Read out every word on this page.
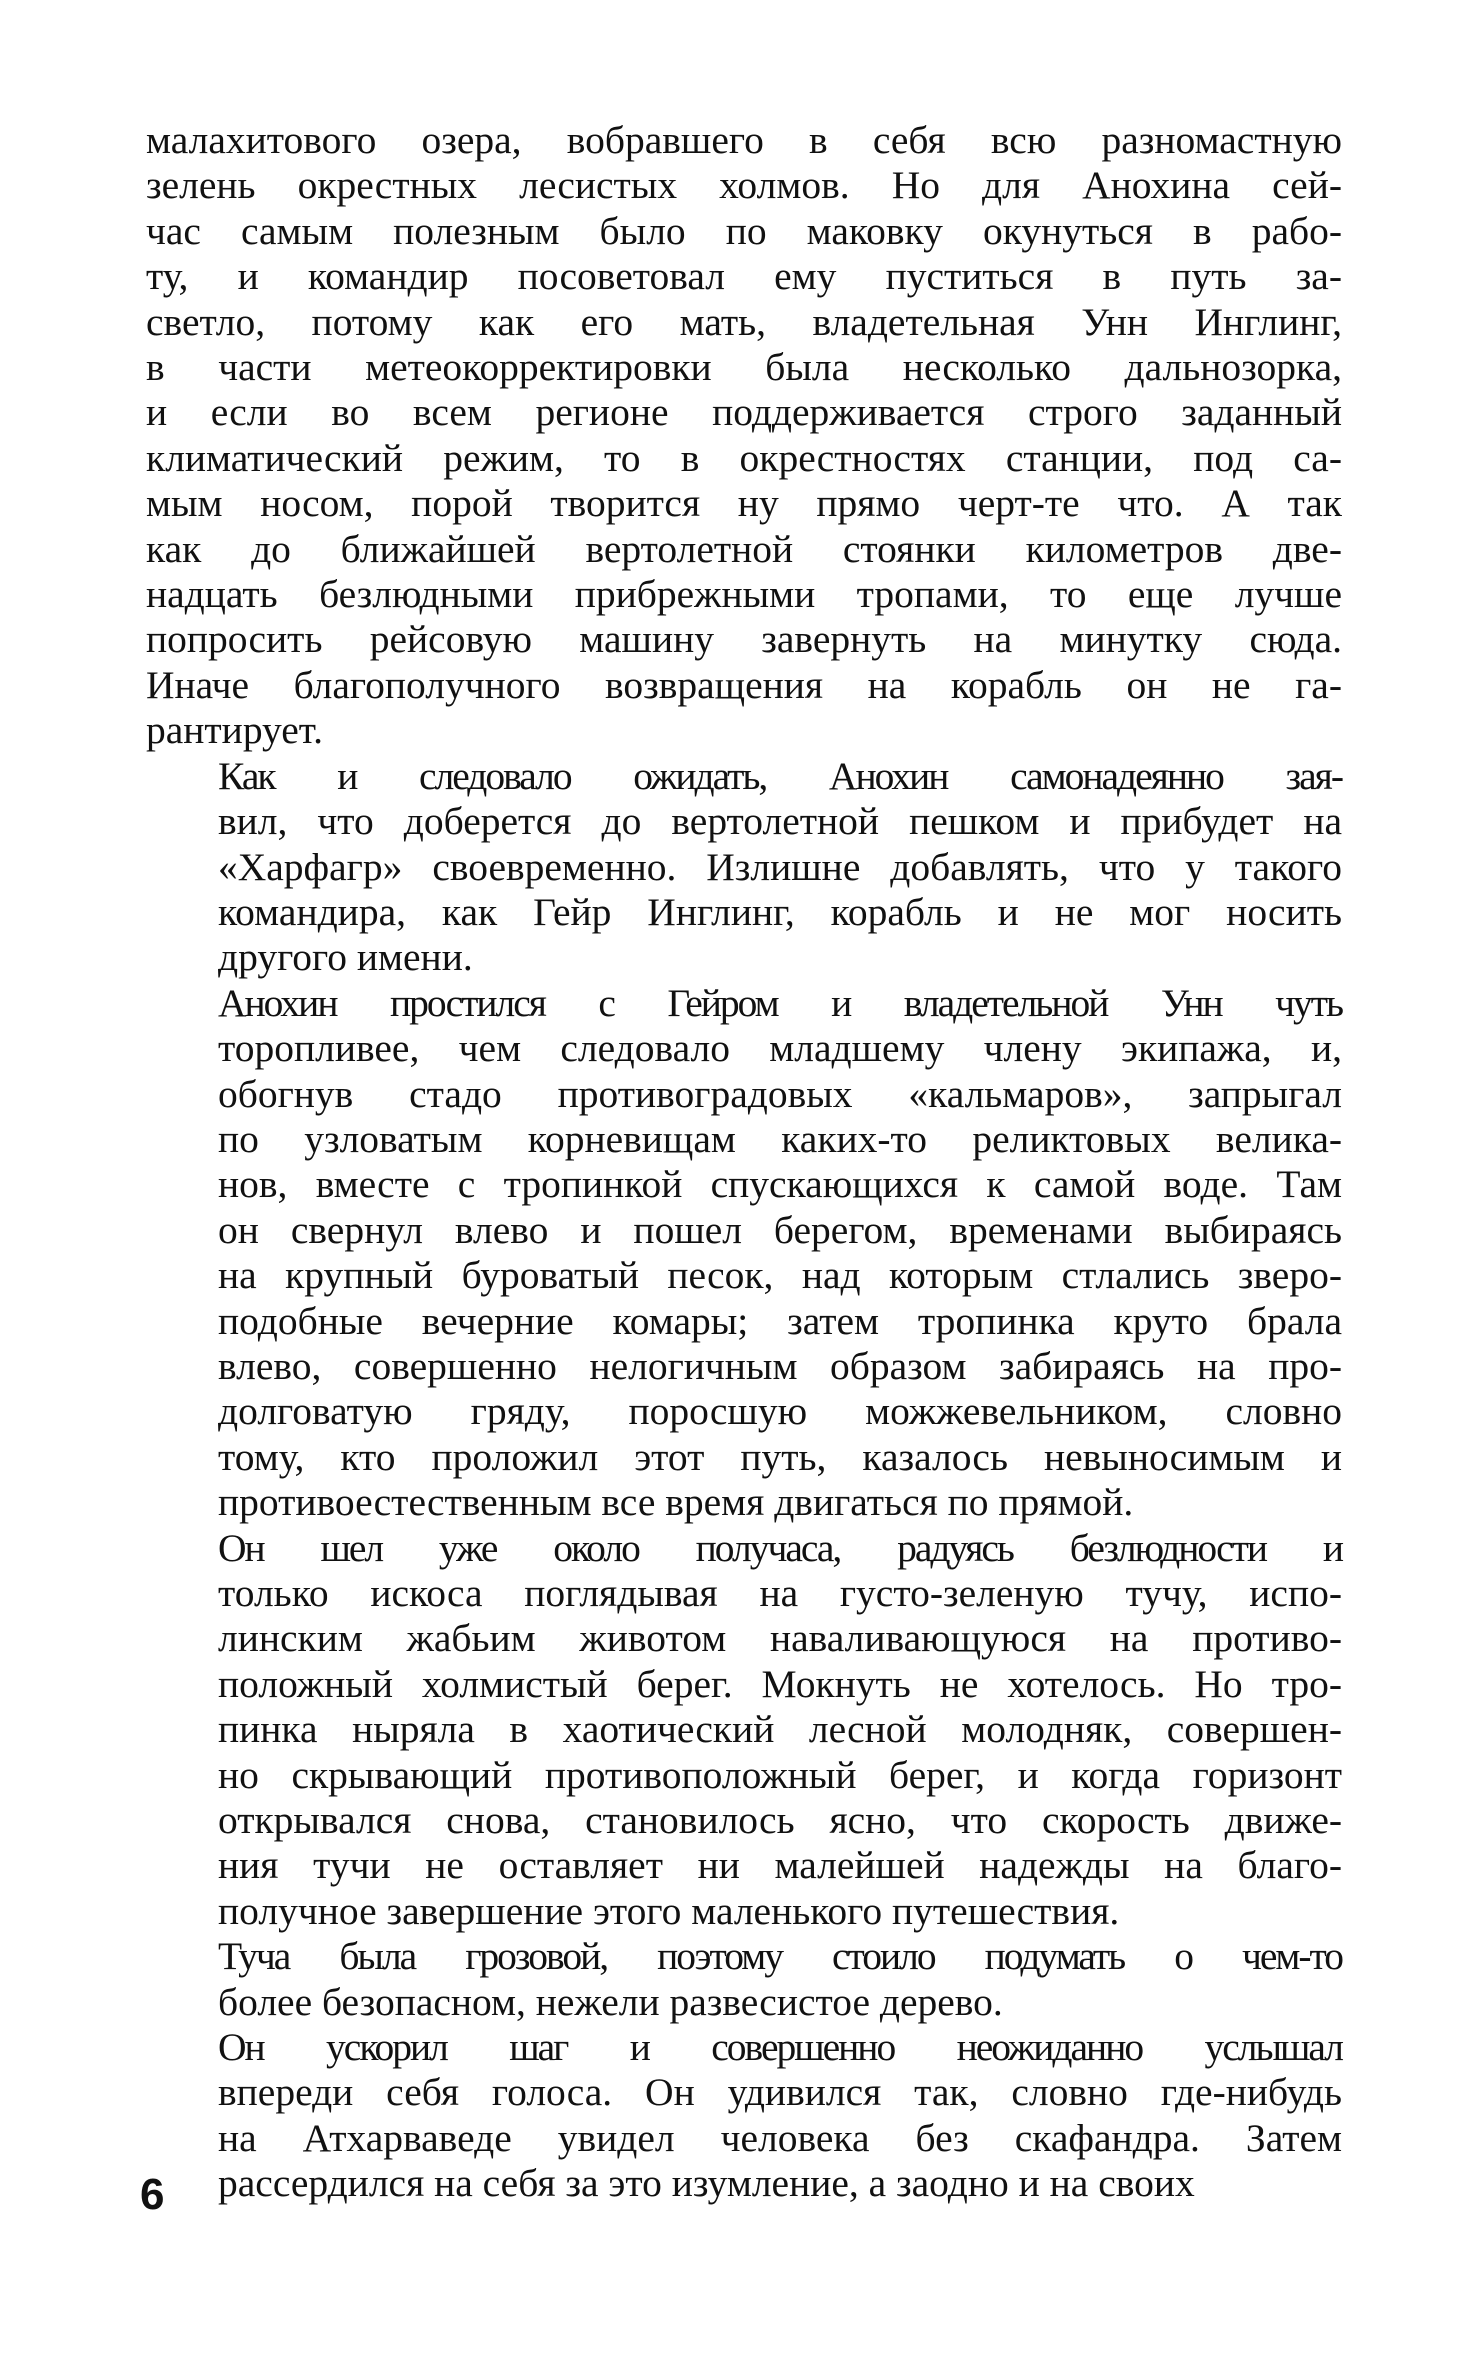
малахитового озера, вобравшего в себя всю разномастную
зелень окрестных лесистых холмов. Но для Анохина сей-
час самым полезным было по маковку окунуться в рабо-
ту, и командир посоветовал ему пуститься в путь за-
светло, потому как его мать, владетельная Унн Инглинг,
в части метеокорректировки была несколько дальнозорка,
и если во всем регионе поддерживается строго заданный
климатический режим, то в окрестностях станции, под са-
мым носом, порой творится ну прямо черт-те что. А так
как до ближайшей вертолетной стоянки километров две-
надцать безлюдными прибрежными тропами, то еще лучше
попросить рейсовую машину завернуть на минутку сюда.
Иначе благополучного возвращения на корабль он не га-
рантирует.
Как и следовало ожидать, Анохин самонадеянно зая-
вил, что доберется до вертолетной пешком и прибудет на
«Харфагр» своевременно. Излишне добавлять, что у такого
командира, как Гейр Инглинг, корабль и не мог носить
другого имени.
Анохин простился с Гейром и владетельной Унн чуть
торопливее, чем следовало младшему члену экипажа, и,
обогнув стадо противоградовых «кальмаров», запрыгал
по узловатым корневищам каких-то реликтовых велика-
нов, вместе с тропинкой спускающихся к самой воде. Там
он свернул влево и пошел берегом, временами выбираясь
на крупный буроватый песок, над которым стлались звеpо-
подобные вечерние комары; затем тропинка круто брала
влево, совершенно нелогичным образом забираясь на про-
долговатую гряду, поросшую можжевельником, словно
тому, кто проложил этот путь, казалось невыносимым и
противоестественным все время двигаться по прямой.
Он шел уже около получаса, радуясь безлюдности и
только искоса поглядывая на густо-зеленую тучу, испо-
линским жабьим животом наваливающуюся на противо-
положный холмистый берег. Мокнуть не хотелось. Но тро-
пинка ныряла в хаотический лесной молодняк, совершен-
но скрывающий противоположный берег, и когда горизонт
открывался снова, становилось ясно, что скорость движе-
ния тучи не оставляет ни малейшей надежды на благо-
получное завершение этого маленького путешествия.
Туча была грозовой, поэтому стоило подумать о чем-то
более безопасном, нежели развесистое дерево.
Он ускорил шаг и совершенно неожиданно услышал
впереди себя голоса. Он удивился так, словно где-нибудь
на Атхарваведе увидел человека без скафандра. Затем
рассердился на себя за это изумление, а заодно и на своих
6
